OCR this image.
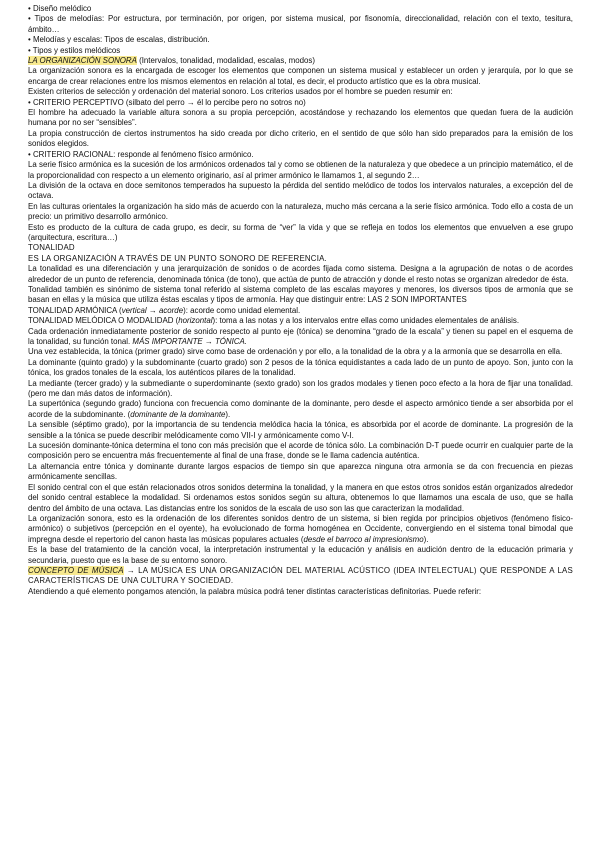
• Diseño melódico

• Tipos de melodías: Por estructura, por terminación, por origen, por sistema musical, por fisonomía, direccionalidad, relación con el texto, tesitura, ámbito…

• Melodías y escalas: Tipos de escalas, distribución.

• Tipos y estilos melódicos

LA ORGANIZACIÓN SONORA (Intervalos, tonalidad, modalidad, escalas, modos)

La organización sonora es la encargada de escoger los elementos que componen un sistema musical y establecer un orden y jerarquía, por lo que se encarga de crear relaciones entre los mismos elementos en relación al total, es decir, el producto artístico que es la obra musical.

Existen criterios de selección y ordenación del material sonoro. Los criterios usados por el hombre se pueden resumir en:

• CRITERIO PERCEPTIVO (silbato del perro → él lo percibe pero no sotros no)

El hombre ha adecuado la variable altura sonora a su propia percepción, acostándose y rechazando los elementos que quedan fuera de la audición humana por no ser “sensibles”.

La propia construcción de ciertos instrumentos ha sido creada por dicho criterio, en el sentido de que sólo han sido preparados para la emisión de los sonidos elegidos.

• CRITERIO RACIONAL: responde al fenómeno físico armónico.

La serie físico armónica es la sucesión de los armónicos ordenados tal y como se obtienen de la naturaleza y que obedece a un principio matemático, el de la proporcionalidad con respecto a un elemento originario, así al primer armónico le llamamos 1, al segundo 2…

La división de la octava en doce semitonos temperados ha supuesto la pérdida del sentido melódico de todos los intervalos naturales, a excepción del de octava.

En las culturas orientales la organización ha sido más de acuerdo con la naturaleza, mucho más cercana a la serie físico armónica. Todo ello a costa de un precio: un primitivo desarrollo armónico.

Esto es producto de la cultura de cada grupo, es decir, su forma de “ver” la vida y que se refleja en todos los elementos que envuelven a ese grupo (arquitectura, escritura…)

TONALIDAD

ES LA ORGANIZACIÓN A TRAVÉS DE UN PUNTO SONORO DE REFERENCIA.

La tonalidad es una diferenciación y una jerarquización de sonidos o de acordes fijada como sistema. Designa a la agrupación de notas o de acordes alrededor de un punto de referencia, denominada tónica (de tono), que actúa de punto de atracción y donde el resto notas se organizan alrededor de ésta.

Tonalidad también es sinónimo de sistema tonal referido al sistema completo de las escalas mayores y menores, los diversos tipos de armonía que se basan en ellas y la música que utiliza éstas escalas y tipos de armonía. Hay que distinguir entre: LAS 2 SON IMPORTANTES

TONALIDAD ARMÓNICA (vertical → acorde): acorde como unidad elemental.

TONALIDAD MELÓDICA O MODALIDAD (horizontal): toma a las notas y a los intervalos entre ellas como unidades elementales de análisis.

Cada ordenación inmediatamente posterior de sonido respecto al punto eje (tónica) se denomina “grado de la escala” y tienen su papel en el esquema de la tonalidad, su función tonal. MÁS IMPORTANTE → TÓNICA.

Una vez establecida, la tónica (primer grado) sirve como base de ordenación y por ello, a la tonalidad de la obra y a la armonía que se desarrolla en ella.

La dominante (quinto grado) y la subdominante (cuarto grado) son 2 pesos de la tónica equidistantes a cada lado de un punto de apoyo. Son, junto con la tónica, los grados tonales de la escala, los auténticos pilares de la tonalidad.

La mediante (tercer grado) y la submediante o superdominante (sexto grado) son los grados modales y tienen poco efecto a la hora de fijar una tonalidad. (pero me dan más datos de información).

La supertónica (segundo grado) funciona con frecuencia como dominante de la dominante, pero desde el aspecto armónico tiende a ser absorbida por el acorde de la subdominante. (dominante de la dominante).

La sensible (séptimo grado), por la importancia de su tendencia melódica hacia la tónica, es absorbida por el acorde de dominante. La progresión de la sensible a la tónica se puede describir melódicamente como VII-I y armónicamente como V-I.

La sucesión dominante-tónica determina el tono con más precisión que el acorde de tónica sólo. La combinación D-T puede ocurrir en cualquier parte de la composición pero se encuentra más frecuentemente al final de una frase, donde se le llama cadencia auténtica.

La alternancia entre tónica y dominante durante largos espacios de tiempo sin que aparezca ninguna otra armonía se da con frecuencia en piezas armónicamente sencillas.

El sonido central con el que están relacionados otros sonidos determina la tonalidad, y la manera en que estos otros sonidos están organizados alrededor del sonido central establece la modalidad. Si ordenamos estos sonidos según su altura, obtenemos lo que llamamos una escala de uso, que se halla dentro del ámbito de una octava. Las distancias entre los sonidos de la escala de uso son las que caracterizan la modalidad.

La organización sonora, esto es la ordenación de los diferentes sonidos dentro de un sistema, si bien regida por principios objetivos (fenómeno físico-armónico) o subjetivos (percepción en el oyente), ha evolucionado de forma homogénea en Occidente, convergiendo en el sistema tonal bimodal que impregna desde el repertorio del canon hasta las músicas populares actuales (desde el barroco al impresionismo).

Es la base del tratamiento de la canción vocal, la interpretación instrumental y la educación y análisis en audición dentro de la educación primaria y secundaria, puesto que es la base de su entorno sonoro.

CONCEPTO DE MÚSICA → LA MÚSICA ES UNA ORGANIZACIÓN DEL MATERIAL ACÚSTICO (IDEA INTELECTUAL) QUE RESPONDE A LAS CARACTERÍSTICAS DE UNA CULTURA Y SOCIEDAD.

Atendiendo a qué elemento pongamos atención, la palabra música podrá tener distintas características definitorias. Puede referir:
